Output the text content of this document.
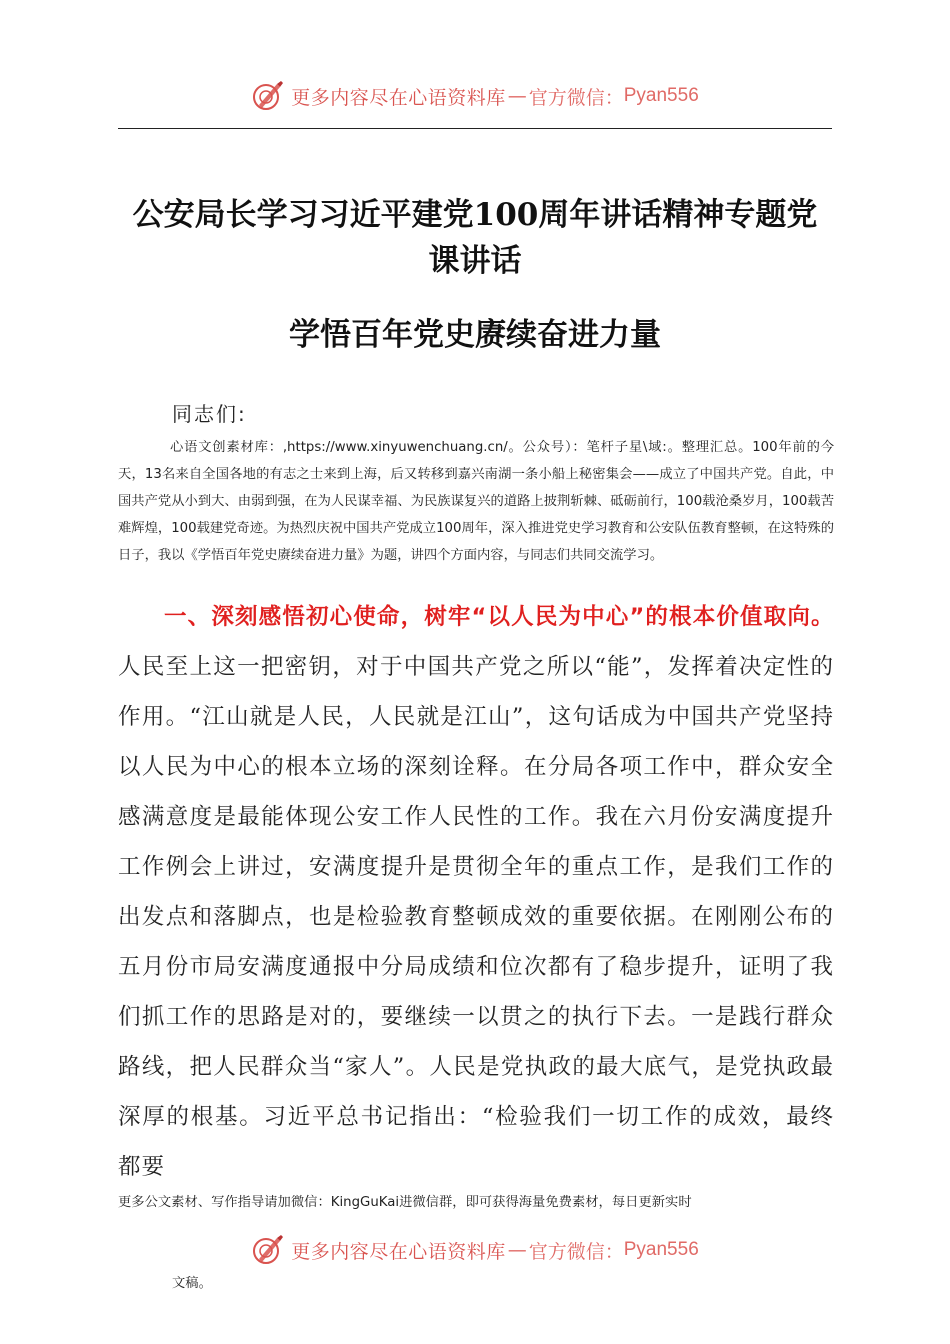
更多内容尽在心语资料库 — 官方微信： Pyan556
公安局长学习习近平建党100周年讲话精神专题党课讲话
学悟百年党史赓续奋进力量
同志们:
心语文创素材库：,https://www.xinyuwenchuang.cn/。公众号）：笔杆子星\域:。整理汇总。100年前的今天，13名来自全国各地的有志之士来到上海，后又转移到嘉兴南湖一条小船上秘密集会——成立了中国共产党。自此，中国共产党从小到大、由弱到强，在为人民谋幸福、为民族谋复兴的道路上披荆斩棘、砥砺前行，100载沧桑岁月，100载苦难辉煌，100载建党奇迹。为热烈庆祝中国共产党成立100周年，深入推进党史学习教育和公安队伍教育整顿，在这特殊的日子，我以《学悟百年党史赓续奋进力量》为题，讲四个方面内容，与同志们共同交流学习。
一、深刻感悟初心使命，树牢“以人民为中心”的根本价值取向。人民至上这一把密钥，对于中国共产党之所以“能”，发挥着决定性的作用。“江山就是人民，人民就是江山”，这句话成为中国共产党坚持以人民为中心的根本立场的深刻诠释。在分局各项工作中，群众安全感满意度是最能体现公安工作人民性的工作。我在六月份安满度提升工作例会上讲过，安满度提升是贯彻全年的重点工作，是我们工作的出发点和落脚点，也是检验教育整顿成效的重要依据。在刚刚公布的五月份市局安满度通报中分局成绩和位次都有了稳步提升，证明了我们抓工作的思路是对的，要继续一以贯之的执行下去。一是践行群众路线，把人民群众当“家人”。人民是党执政的最大底气，是党执政最深厚的根基。习近平总书记指出：“检验我们一切工作的成效，最终都要
更多公文素材、写作指导请加微信：KingGuKai进微信群，即可获得海量免费素材，每日更新实时
更多内容尽在心语资料库 — 官方微信： Pyan556
文稿。
